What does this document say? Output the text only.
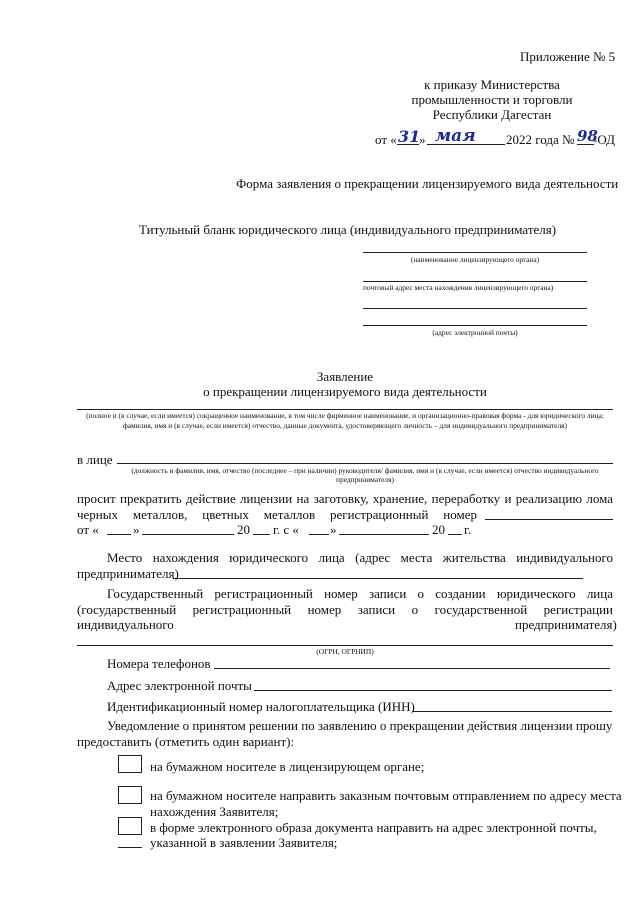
Приложение № 5
к приказу Министерства
промышленности и торговли
Республики Дагестан
от « 31
» мая 2022 года № 98
-ОД
Форма заявления о прекращении лицензируемого вида деятельности
Титульный бланк юридического лица (индивидуального предпринимателя)
(наименование лицензирующего органа)
почтовый адрес места нахождения лицензирующего органа)
(адрес электронной почты)
Заявление
о прекращении лицензируемого вида деятельности
(полное и (в случае, если имеется) сокращенное наименование, в том числе фирменное наименование, и организационно-правовая форма - для юридического лица; фамилия, имя и (в случае, если имеется) отчество, данные документа, удостоверяющего личность – для индивидуального предпринимателя)
в лице
(должность и фамилия, имя, отчество (последнее – при наличии) руководителя/ фамилия, имя и (в случае, если имеется) отчество индивидуального предпринимателя)
просит прекратить действие лицензии на заготовку, хранение, переработку и реализацию лома
черных металлов, цветных металлов регистрационный номер
от «	»	20 г. с « »	20 г.
Место нахождения юридического лица (адрес места жительства индивидуального
предпринимателя)
Государственный регистрационный номер записи о создании юридического лица
(государственный регистрационный номер записи о государственной регистрации
индивидуального	предпринимателя)
(ОГРН, ОГРНИП)
Номера телефонов
Адрес электронной почты
Идентификационный номер налогоплательщика (ИНН)
Уведомление о принятом решении по заявлению о прекращении действия лицензии прошу
предоставить (отметить один вариант):
на бумажном носителе в лицензирующем органе;
на бумажном носителе направить заказным почтовым отправлением по адресу места
нахождения Заявителя;
в форме электронного образа документа направить на адрес электронной почты,
указанной в заявлении Заявителя;
